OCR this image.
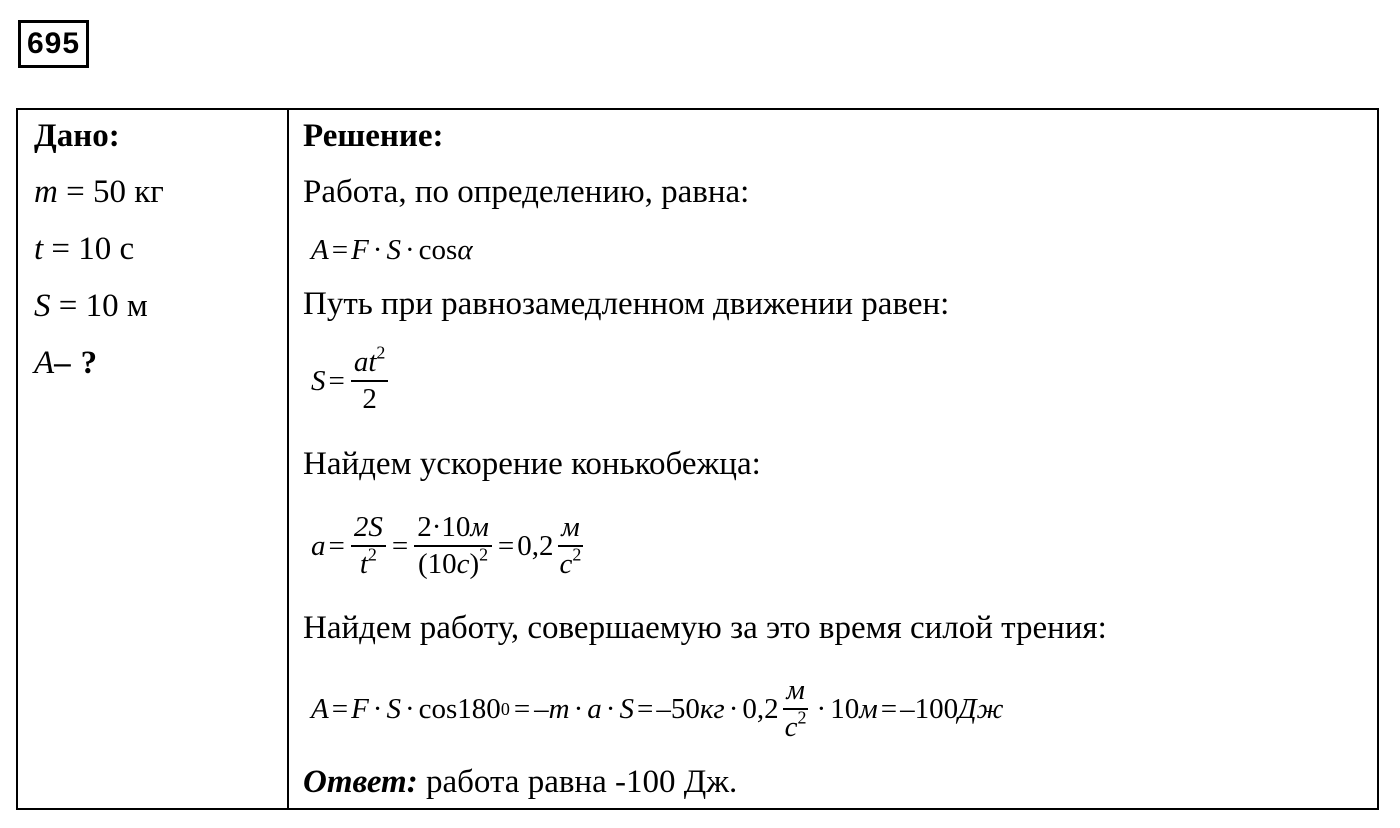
695
Дано:
m = 50 кг
t = 10 с
S = 10 м
A– ?
Решение:
Работа, по определению, равна:
A = F · S · cos α
Путь при равнозамедленном движении равен:
$S = \frac{at^2}{2}$
Найдем ускорение конькобежца:
$a = \frac{2S}{t^2} = \frac{2\cdot 10м}{(10с)^2} = 0,2 \frac{м}{с^2}$
Найдем работу, совершаемую за это время силой трения:
A = F · S · cos180 0 = –m · a · S = –50 кг · $0,2 \frac{м}{с^2} \cdot 10$ м = –100 Дж
Ответ: работа равна -100 Дж.
